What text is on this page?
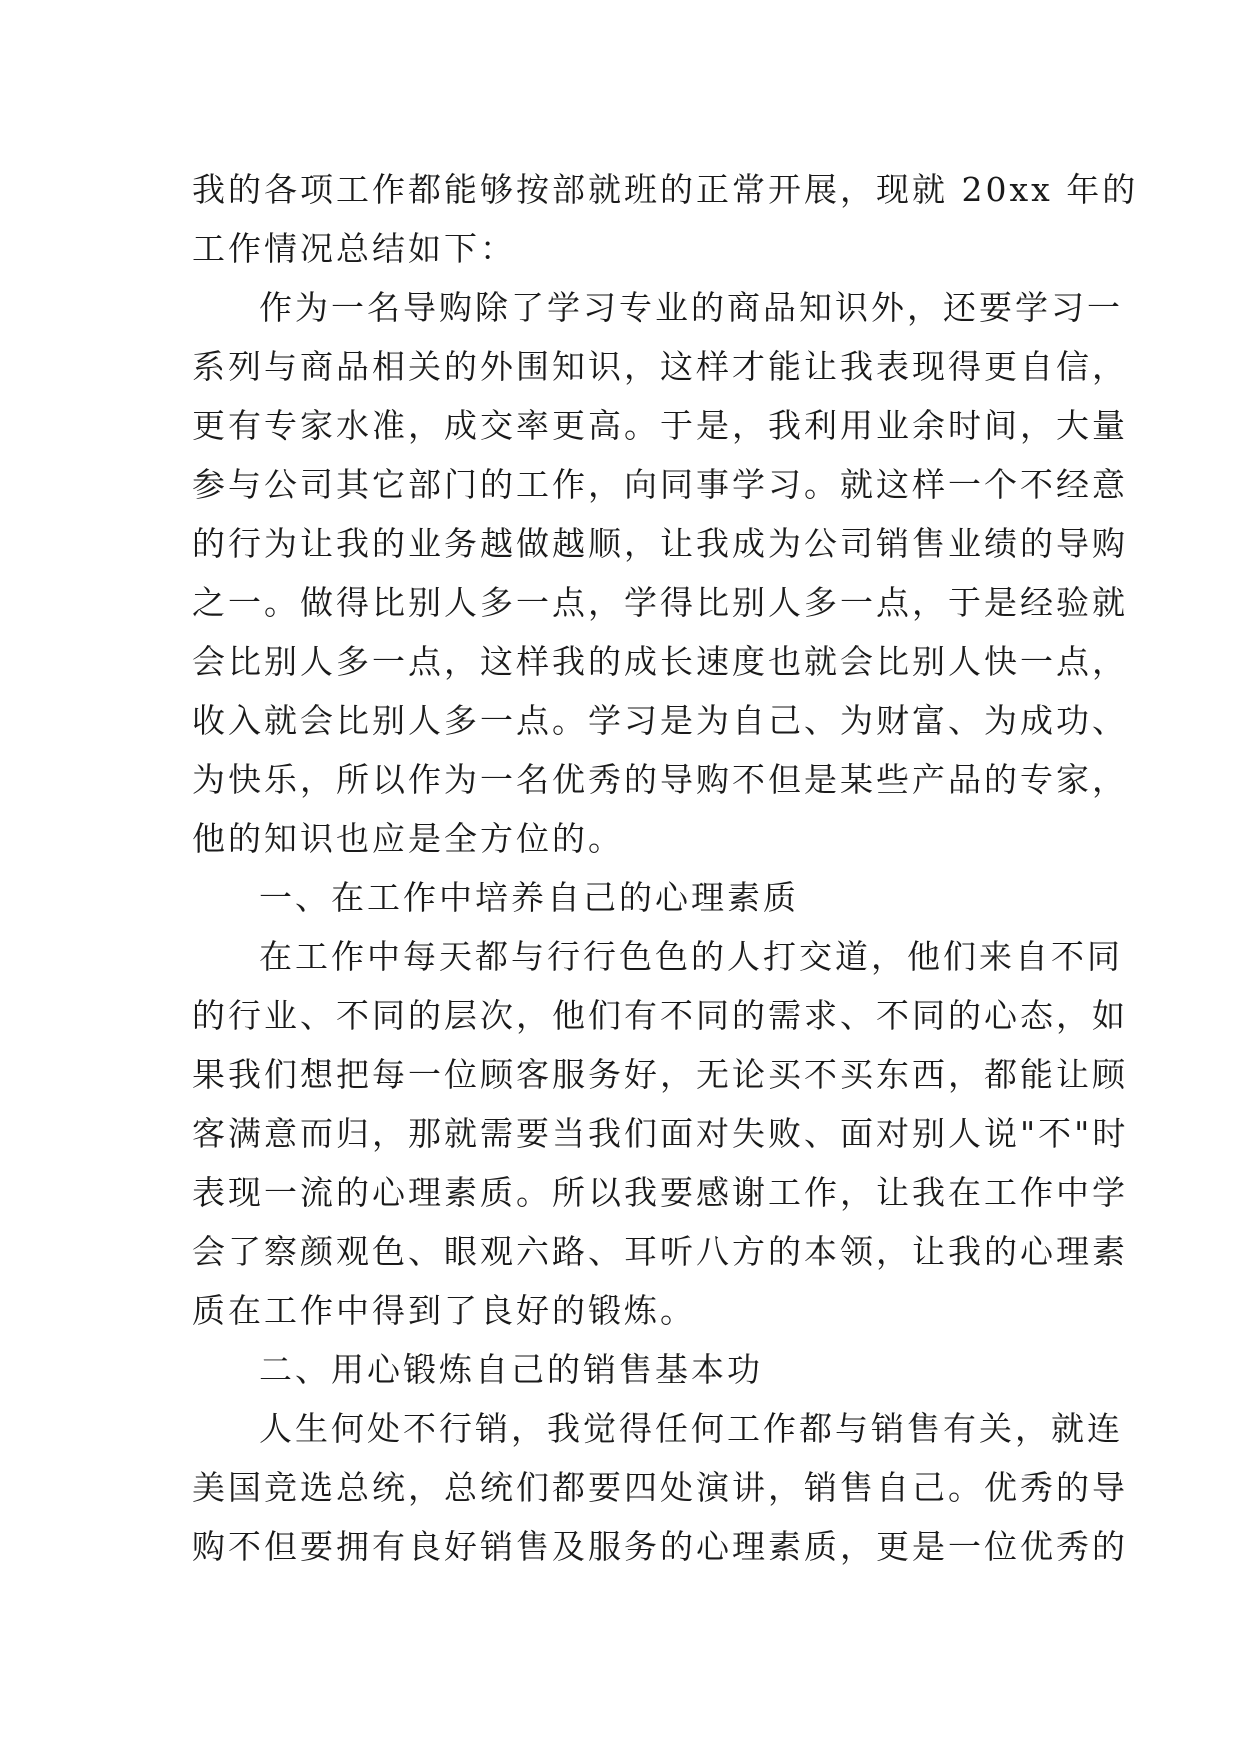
我的各项工作都能够按部就班的正常开展，现就 20xx 年的
工作情况总结如下：
作为一名导购除了学习专业的商品知识外，还要学习一
系列与商品相关的外围知识，这样才能让我表现得更自信，
更有专家水准，成交率更高。于是，我利用业余时间，大量
参与公司其它部门的工作，向同事学习。就这样一个不经意
的行为让我的业务越做越顺，让我成为公司销售业绩的导购
之一。做得比别人多一点，学得比别人多一点，于是经验就
会比别人多一点，这样我的成长速度也就会比别人快一点，
收入就会比别人多一点。学习是为自己、为财富、为成功、
为快乐，所以作为一名优秀的导购不但是某些产品的专家，
他的知识也应是全方位的。
一、在工作中培养自己的心理素质
在工作中每天都与行行色色的人打交道，他们来自不同
的行业、不同的层次，他们有不同的需求、不同的心态，如
果我们想把每一位顾客服务好，无论买不买东西，都能让顾
客满意而归，那就需要当我们面对失败、面对别人说"不"时
表现一流的心理素质。所以我要感谢工作，让我在工作中学
会了察颜观色、眼观六路、耳听八方的本领，让我的心理素
质在工作中得到了良好的锻炼。
二、用心锻炼自己的销售基本功
人生何处不行销，我觉得任何工作都与销售有关，就连
美国竞选总统，总统们都要四处演讲，销售自己。优秀的导
购不但要拥有良好销售及服务的心理素质，更是一位优秀的
